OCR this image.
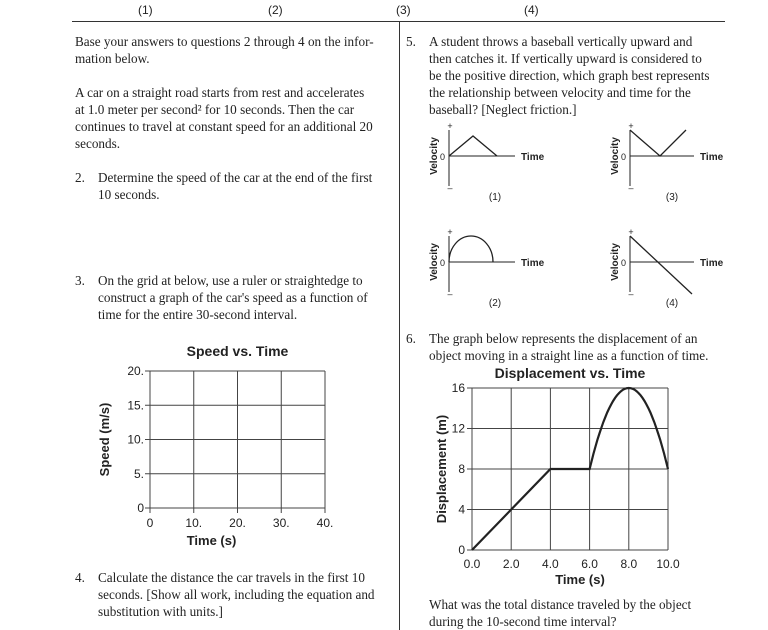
(1)	(2)	(3)	(4)
Base your answers to questions 2 through 4 on the infor-
mation below.
A car on a straight road starts from rest and accelerates
at 1.0 meter per second² for 10 seconds. Then the car
continues to travel at constant speed for an additional 20
seconds.
2. Determine the speed of the car at the end of the first
10 seconds.
3. On the grid at below, use a ruler or straightedge to
construct a graph of the car's speed as a function of
time for the entire 30-second interval.
Speed vs. Time
0	10. 20. 30. 40.
0
5.
10.
15.
20.
Time (s)
Speed (m/s)
4. Calculate the distance the car travels in the first 10
seconds. [Show all work, including the equation and
substitution with units.]
5. A student throws a baseball vertically upward and
then catches it. If vertically upward is considered to
be the positive direction, which graph best represents
the relationship between velocity and time for the
baseball? [Neglect friction.]
+
0
–
Time
Velocity
(1)
+
0
–
Time
Velocity
(3)
+
0
–
Time
Velocity
(2)
+
0
–
Time
Velocity
(4)
6. The graph below represents the displacement of an
object moving in a straight line as a function of time.
Displacement vs. Time
0.0 2.0 4.0 6.0 8.0 10.0
0
4
8
12
16
Time (s)
Displacement (m)
What was the total distance traveled by the object
during the 10-second time interval?
